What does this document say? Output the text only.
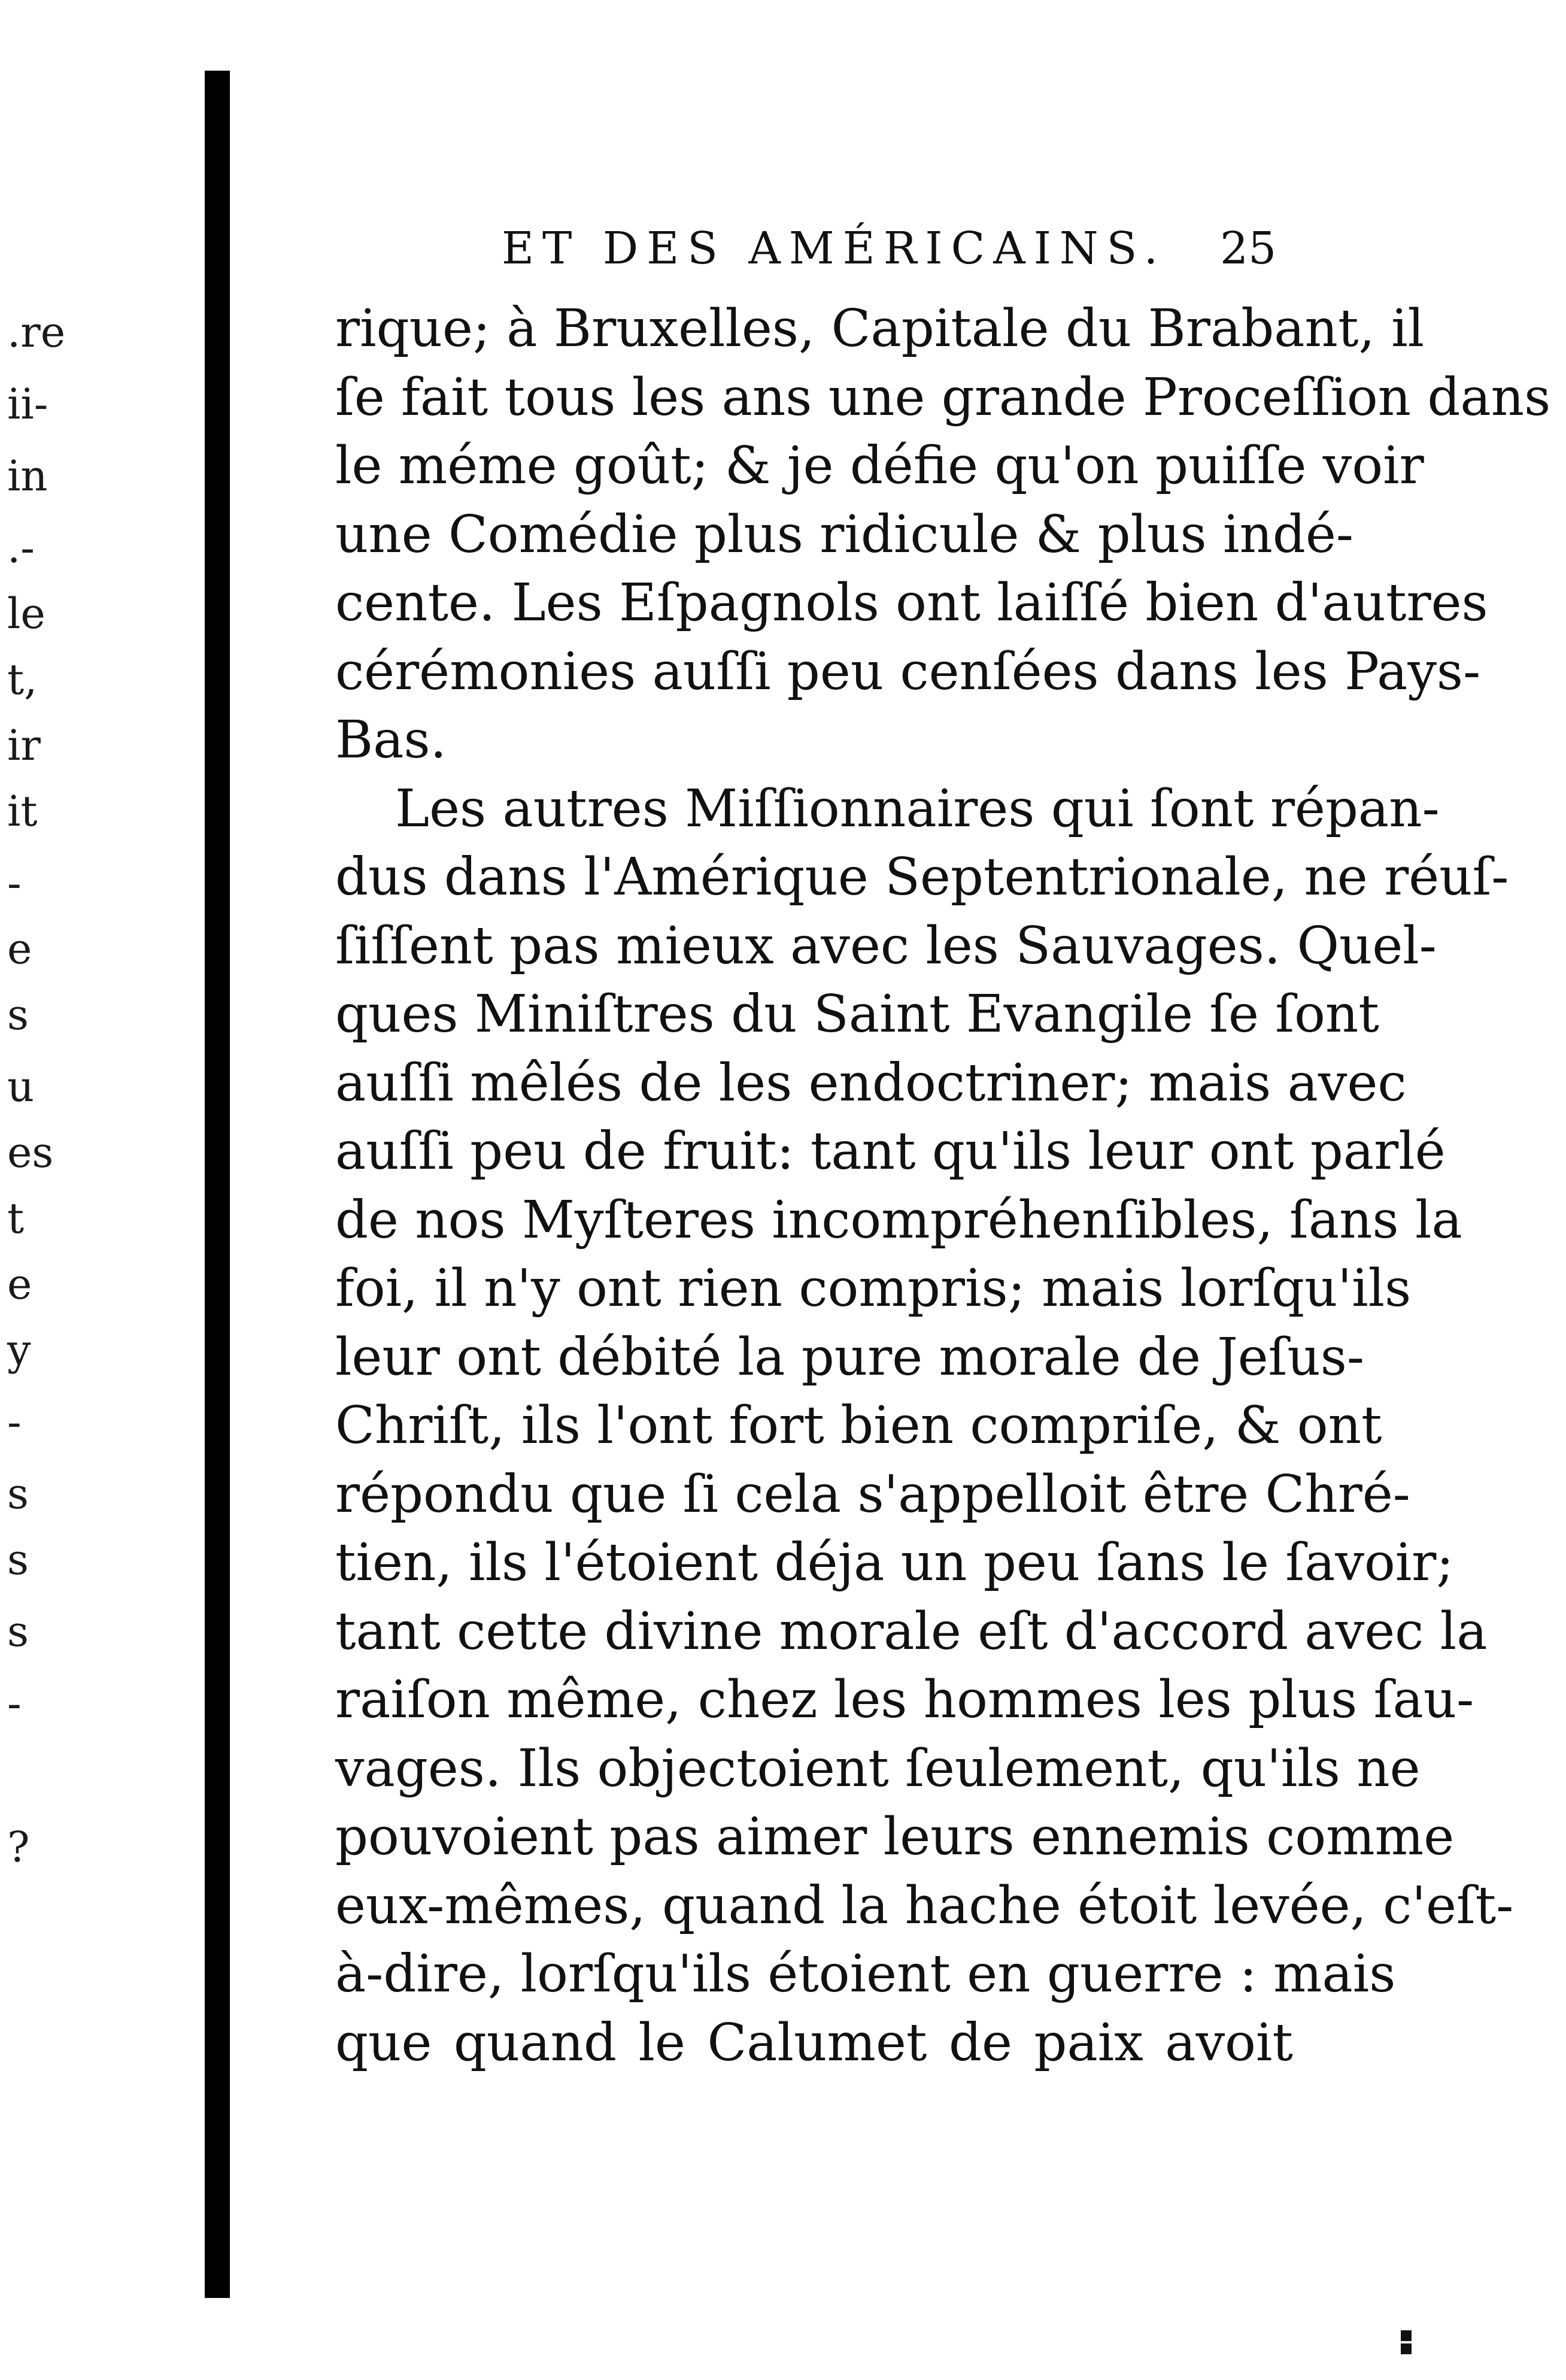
.re
ii-
in
.-
le
t,
ir
it
-
e
s
u
es
t
e
y
-
s
s
s
-
?
ET DES AMÉRICAINS.	25
rique; à Bruxelles, Capitale du Brabant, il
ſe fait tous les ans une grande Proceſſion dans
le méme goût; & je défie qu'on puiſſe voir
une Comédie plus ridicule & plus indé-
cente. Les Eſpagnols ont laiſſé bien d'autres
cérémonies auſſi peu cenſées dans les Pays-
Bas.
Les autres Miſſionnaires qui ſont répan-
dus dans l'Amérique Septentrionale, ne réuſ-
ſiſſent pas mieux avec les Sauvages. Quel-
ques Miniſtres du Saint Evangile ſe ſont
auſſi mêlés de les endoctriner; mais avec
auſſi peu de fruit: tant qu'ils leur ont parlé
de nos Myſteres incompréhenſibles, ſans la
foi, il n'y ont rien compris; mais lorſqu'ils
leur ont débité la pure morale de Jeſus-
Chriſt, ils l'ont fort bien compriſe, & ont
répondu que ſi cela s'appelloit être Chré-
tien, ils l'étoient déja un peu ſans le ſavoir;
tant cette divine morale eſt d'accord avec la
raiſon même, chez les hommes les plus ſau-
vages. Ils objectoient ſeulement, qu'ils ne
pouvoient pas aimer leurs ennemis comme
eux-mêmes, quand la hache étoit levée, c'eſt-
à-dire, lorſqu'ils étoient en guerre : mais
que quand le Calumet de paix avoit
